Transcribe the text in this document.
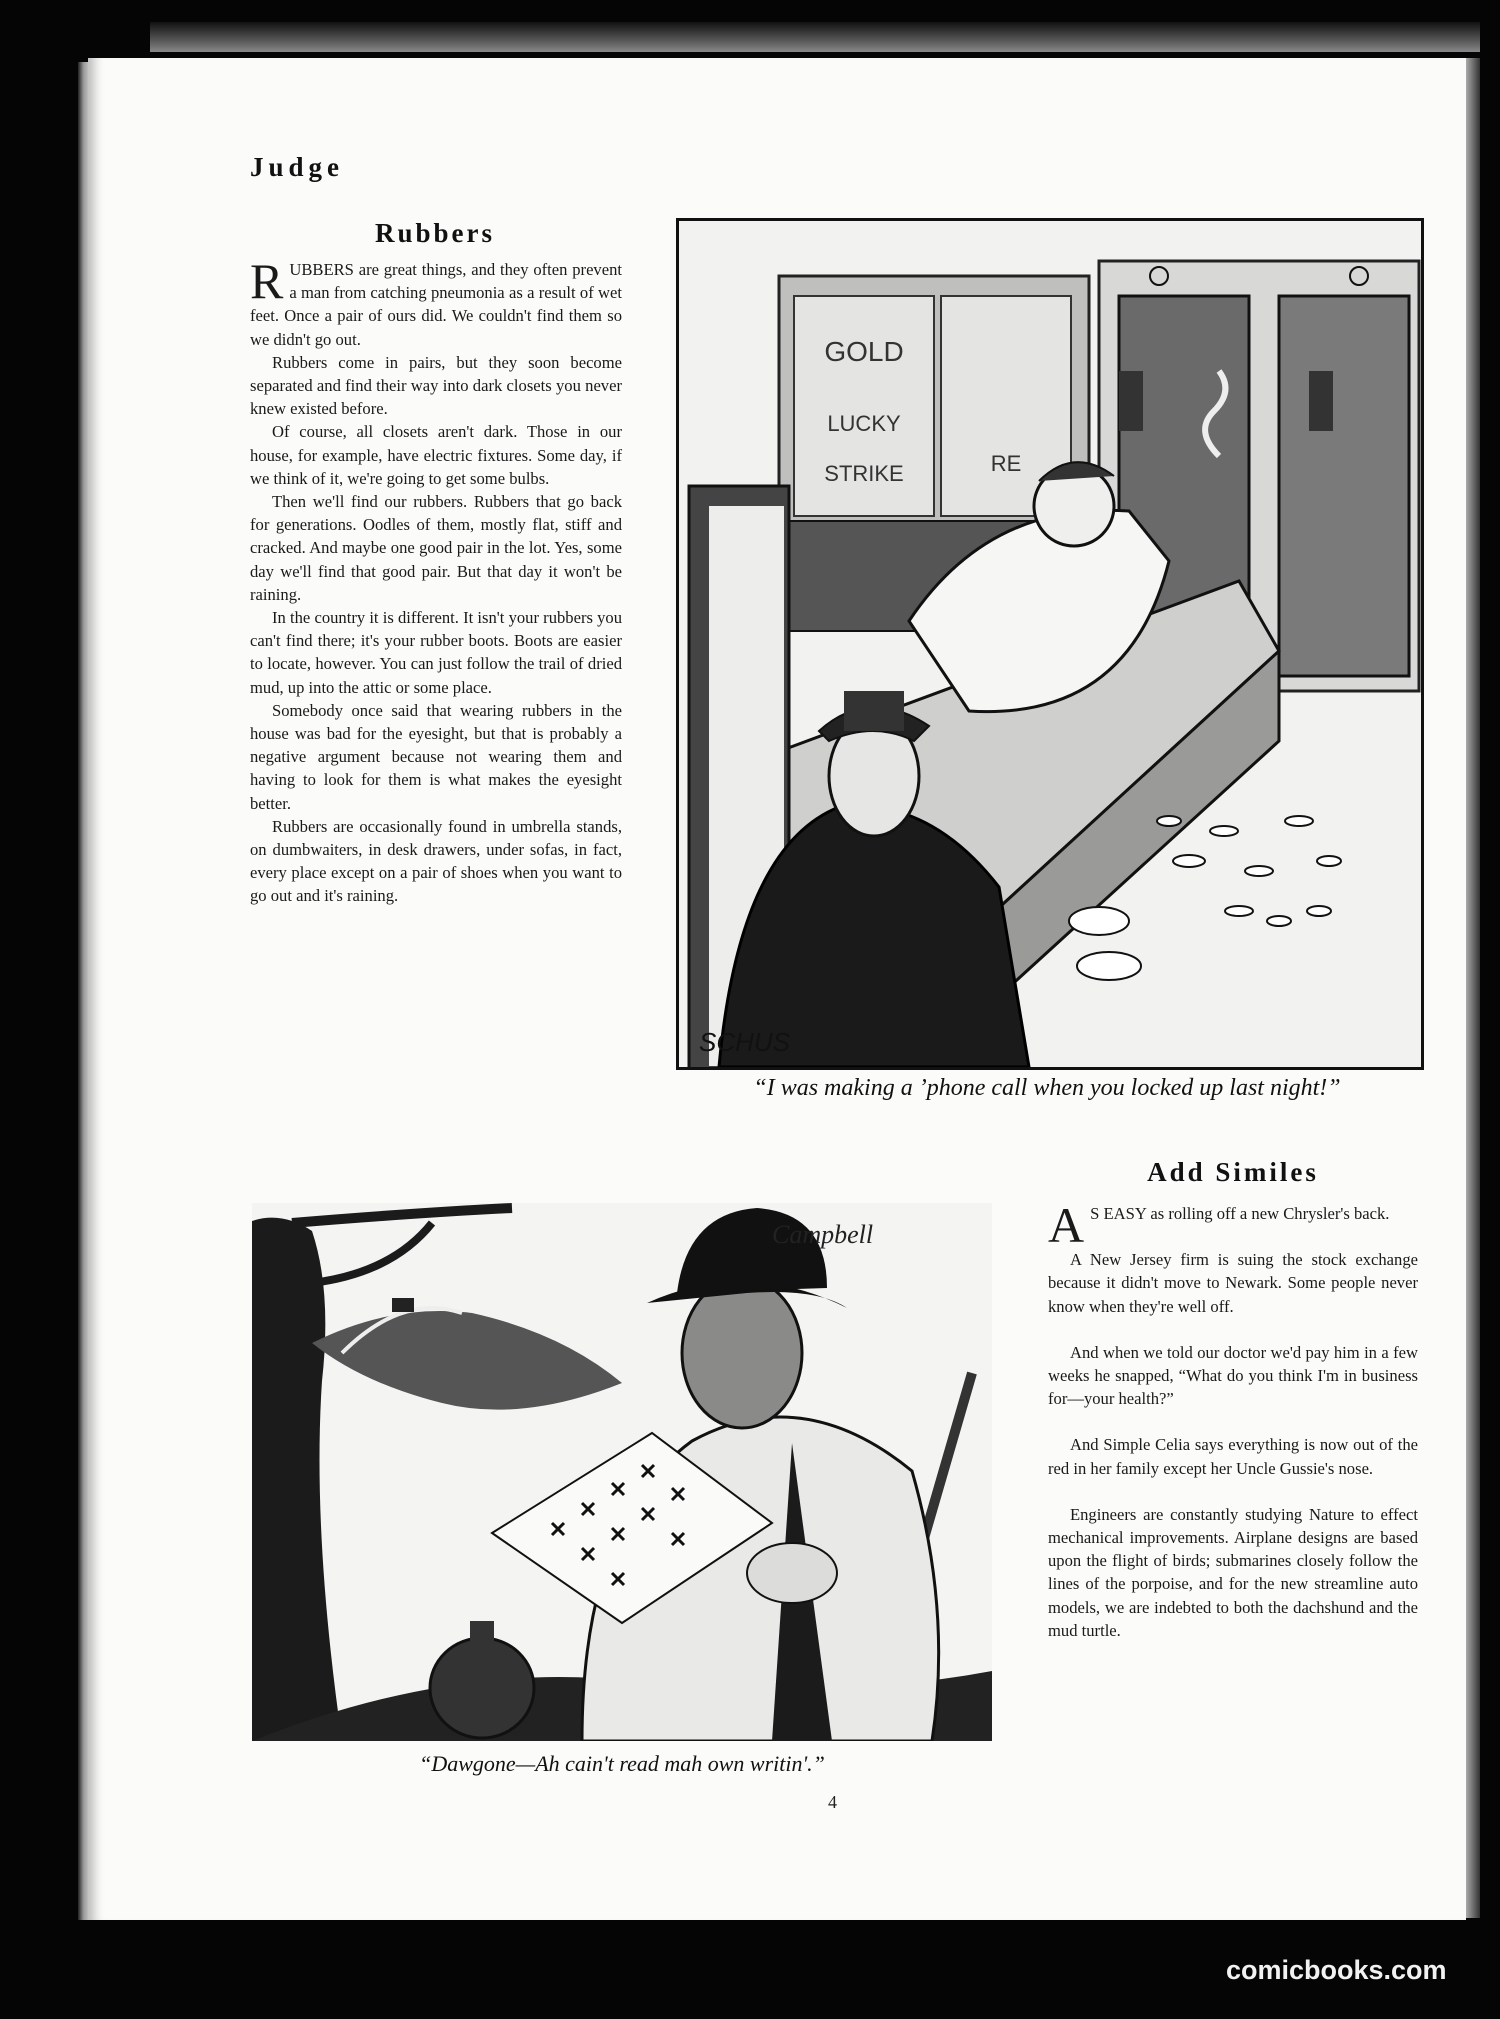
Judge
Rubbers

RUBBERS are great things, and they often prevent a man from catching pneumonia as a result of wet feet. Once a pair of ours did. We couldn't find them so we didn't go out.

Rubbers come in pairs, but they soon become separated and find their way into dark closets you never knew existed before.

Of course, all closets aren't dark. Those in our house, for example, have electric fixtures. Some day, if we think of it, we're going to get some bulbs.

Then we'll find our rubbers. Rubbers that go back for generations. Oodles of them, mostly flat, stiff and cracked. And maybe one good pair in the lot. Yes, some day we'll find that good pair. But that day it won't be raining.

In the country it is different. It isn't your rubbers you can't find there; it's your rubber boots. Boots are easier to locate, however. You can just follow the trail of dried mud, up into the attic or some place.

Somebody once said that wearing rubbers in the house was bad for the eyesight, but that is probably a negative argument because not wearing them and having to look for them is what makes the eyesight better.

Rubbers are occasionally found in umbrella stands, on dumbwaiters, in desk drawers, under sofas, in fact, every place except on a pair of shoes when you want to go out and it's raining.

GOLD
LUCKY
STRIKE	RE
SCHUS
“I was making a ’phone call when you locked up last night!”
Add Similes

A S EASY as rolling off a new Chrysler's back.

A New Jersey firm is suing the stock exchange because it didn't move to Newark. Some people never know when they're well off.

And when we told our doctor we'd pay him in a few weeks he snapped, “What do you think I'm in business for—your health?”

And Simple Celia says everything is now out of the red in her family except her Uncle Gussie's nose.

Engineers are constantly studying Nature to effect mechanical improvements. Airplane designs are based upon the flight of birds; submarines closely follow the lines of the porpoise, and for the new streamline auto models, we are indebted to both the dachshund and the mud turtle.

Campbell
“Dawgone—Ah cain't read mah own writin'.”
4
comicbooks.com
